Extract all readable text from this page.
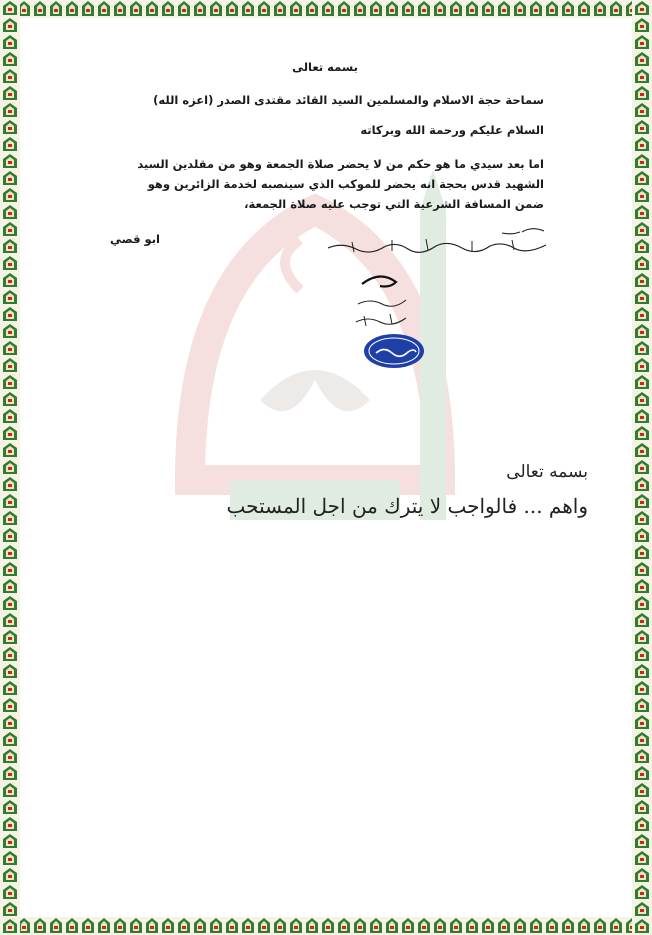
بسمه تعالى
سماحة حجة الاسلام والمسلمين السيد القائد مقتدى الصدر (اعزه الله)
السلام عليكم ورحمة الله وبركاته
اما بعد سيدي ما هو حكم من لا يحضر صلاة الجمعة وهو من مقلدين السيد الشهيد قدس بحجة انه يحضر للموكب الذي سينصبه لخدمة الزائرين وهو ضمن المسافة الشرعية التي توجب عليه صلاة الجمعة،
ابو قصي
بسمه تعالى
واهم ... فالواجب لا يترك من اجل المستحب
